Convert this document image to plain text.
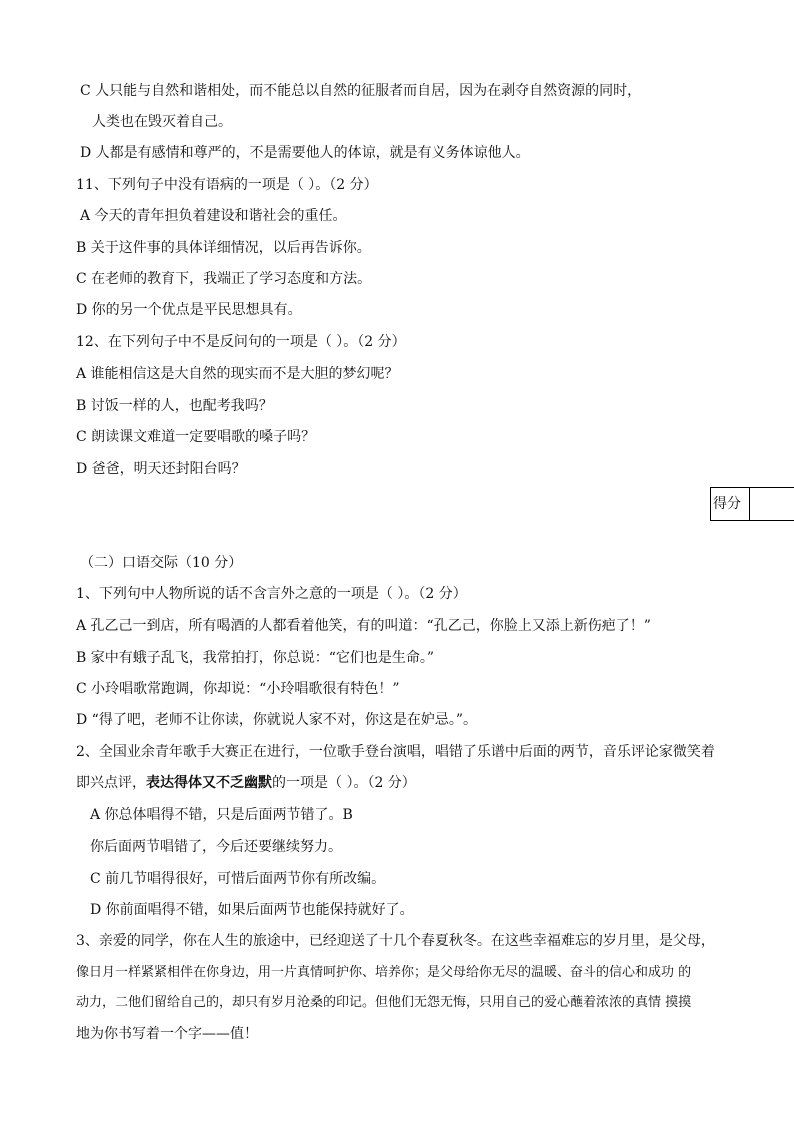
C 人只能与自然和谐相处，而不能总以自然的征服者而自居，因为在剥夺自然资源的同时，
人类也在毁灭着自己。
D 人都是有感情和尊严的，不是需要他人的体谅，就是有义务体谅他人。
11、下列句子中没有语病的一项是（ ）。（2 分）
A 今天的青年担负着建设和谐社会的重任。
B 关于这件事的具体详细情况，以后再告诉你。
C 在老师的教育下，我端正了学习态度和方法。
D 你的另一个优点是平民思想具有。
12、在下列句子中不是反问句的一项是（ ）。（2 分）
A 谁能相信这是大自然的现实而不是大胆的梦幻呢？
B 讨饭一样的人，也配考我吗？
C 朗读课文难道一定要唱歌的嗓子吗？
D 爸爸，明天还封阳台吗？
得分
（二）口语交际（10 分）
1、下列句中人物所说的话不含言外之意的一项是（ ）。（2 分）
A 孔乙己一到店，所有喝酒的人都看着他笑，有的叫道：“孔乙己，你脸上又添上新伤疤了！”
B 家中有蛾子乱飞，我常拍打，你总说：“它们也是生命。”
C 小玲唱歌常跑调，你却说：“小玲唱歌很有特色！”
D “得了吧，老师不让你读，你就说人家不对，你这是在妒忌。”。
2、全国业余青年歌手大赛正在进行，一位歌手登台演唱，唱错了乐谱中后面的两节，音乐评论家微笑着
即兴点评，表达得体又不乏幽默的一项是（ ）。（2 分）
A 你总体唱得不错，只是后面两节错了。B
你后面两节唱错了，今后还要继续努力。
C 前几节唱得很好，可惜后面两节你有所改编。
D 你前面唱得不错，如果后面两节也能保持就好了。
3、亲爱的同学，你在人生的旅途中，已经迎送了十几个春夏秋冬。在这些幸福难忘的岁月里，是父母，
像日月一样紧紧相伴在你身边，用一片真情呵护你、培养你；是父母给你无尽的温暖、奋斗的信心和成功 的
动力，二他们留给自己的，却只有岁月沧桑的印记。但他们无怨无悔，只用自己的爱心蘸着浓浓的真情 摸摸
地为你书写着一个字——值！
